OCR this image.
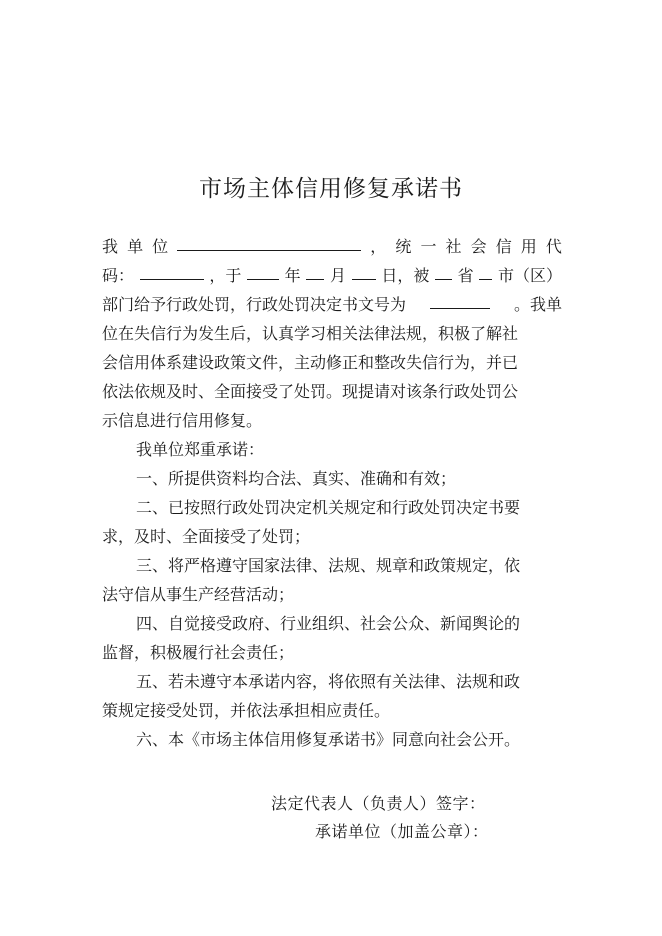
市场主体信用修复承诺书
我 单 位	， 统 一 社 会 信 用 代
码：	，于	年 月 日，被 省 市（区）
部门给予行政处罚，行政处罚决定书文号为	。我单
位在失信行为发生后，认真学习相关法律法规，积极了解社
会信用体系建设政策文件，主动修正和整改失信行为，并已
依法依规及时、全面接受了处罚。现提请对该条行政处罚公
示信息进行信用修复。
我单位郑重承诺：
一、所提供资料均合法、真实、准确和有效；
二、已按照行政处罚决定机关规定和行政处罚决定书要
求，及时、全面接受了处罚；
三、将严格遵守国家法律、法规、规章和政策规定，依
法守信从事生产经营活动；
四、自觉接受政府、行业组织、社会公众、新闻舆论的
监督，积极履行社会责任；
五、若未遵守本承诺内容，将依照有关法律、法规和政
策规定接受处罚，并依法承担相应责任。
六、本《市场主体信用修复承诺书》同意向社会公开。
法定代表人（负责人）签字：
承诺单位（加盖公章）：
